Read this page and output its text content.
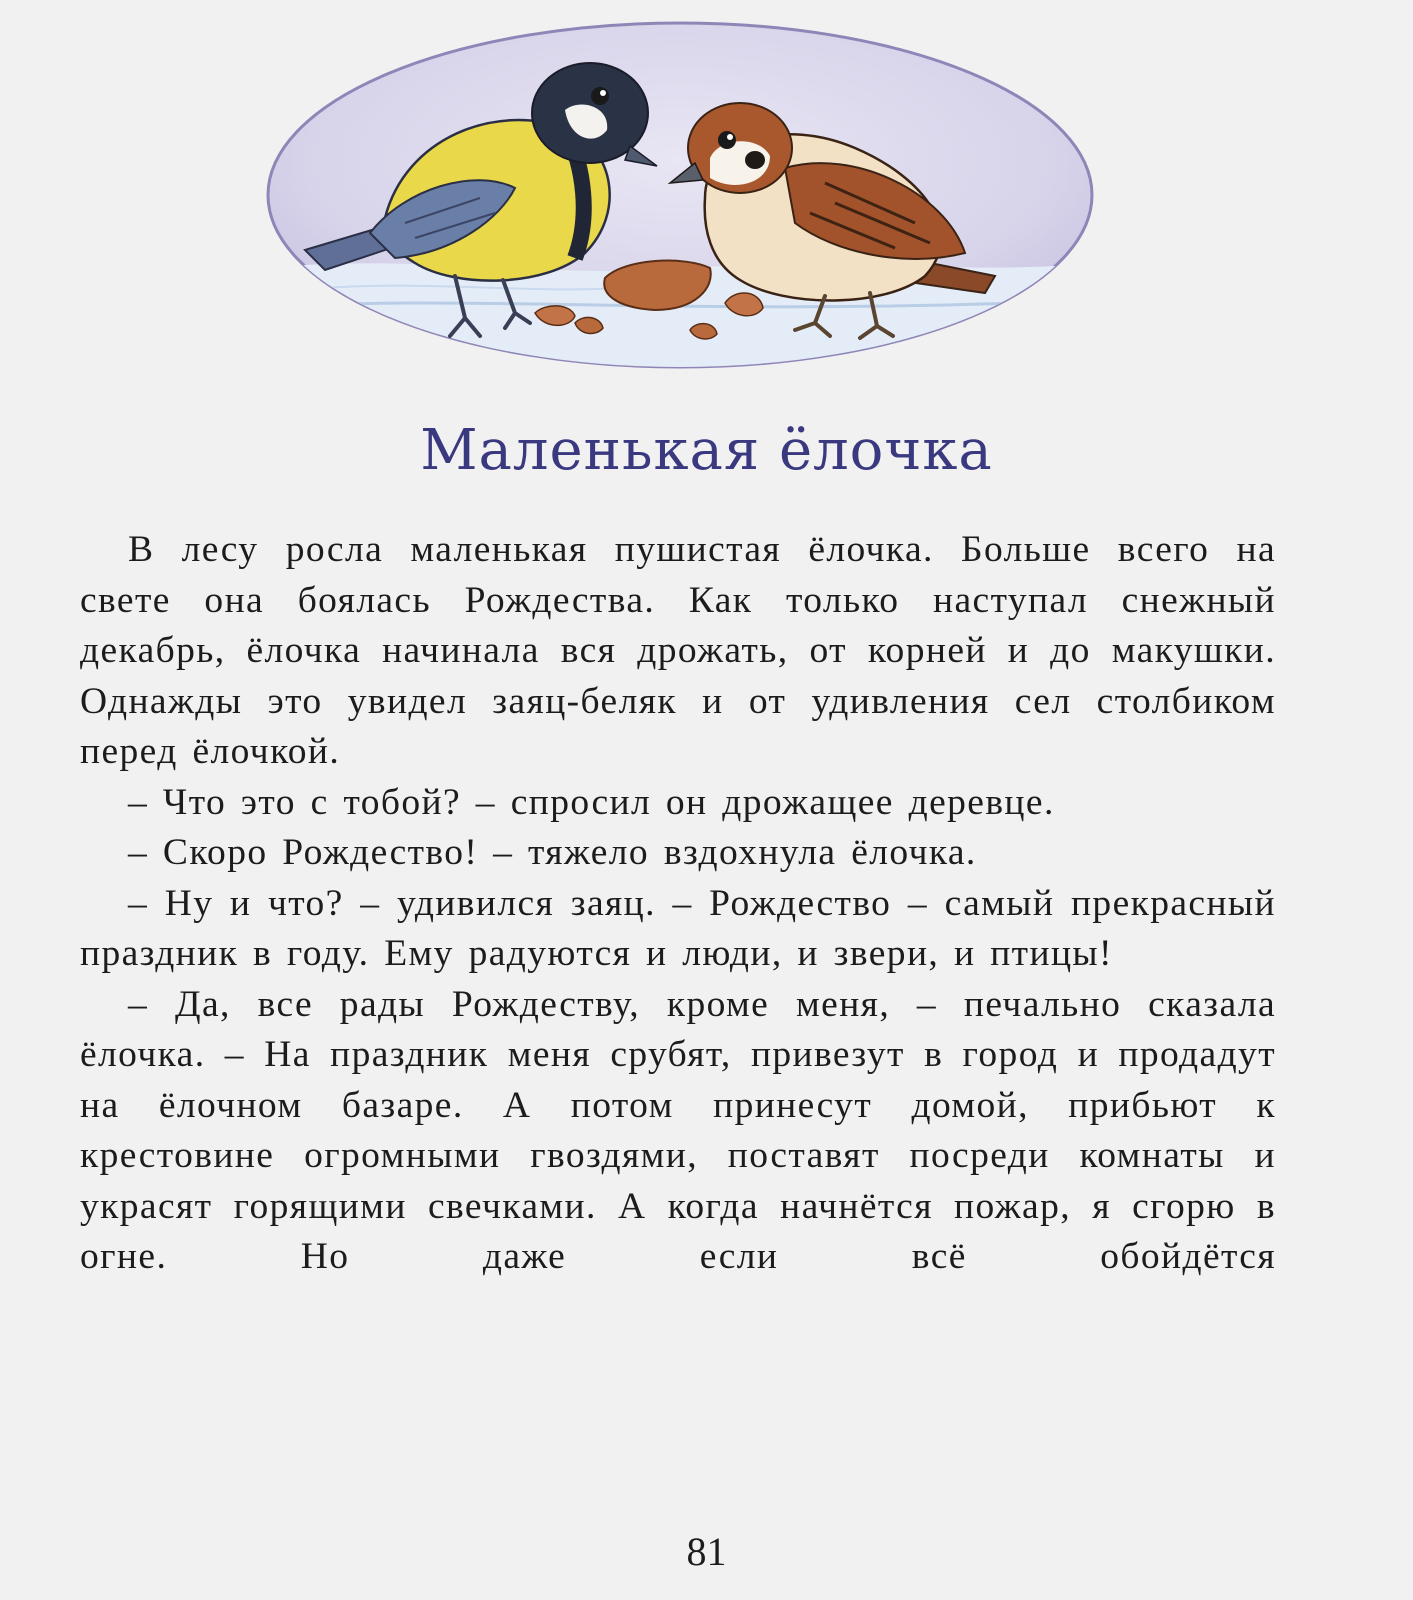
Маленькая ёлочка

В лесу росла маленькая пушистая ёлочка. Больше всего на свете она боялась Рождества. Как только наступал снежный декабрь, ёлочка начинала вся дрожать, от корней и до макушки. Однажды это увидел заяц-беляк и от удивления сел столбиком перед ёлочкой.

– Что это с тобой? – спросил он дрожащее деревце.

– Скоро Рождество! – тяжело вздохнула ёлочка.

– Ну и что? – удивился заяц. – Рождество – самый прекрасный праздник в году. Ему радуются и люди, и звери, и птицы!

– Да, все рады Рождеству, кроме меня, – печально сказала ёлочка. – На праздник меня срубят, привезут в город и продадут на ёлочном базаре. А потом принесут домой, прибьют к крестовине огромными гвоздями, поставят посреди комнаты и украсят горящими свечками. А когда начнётся пожар, я сгорю в огне. Но даже если всё обойдётся

81
